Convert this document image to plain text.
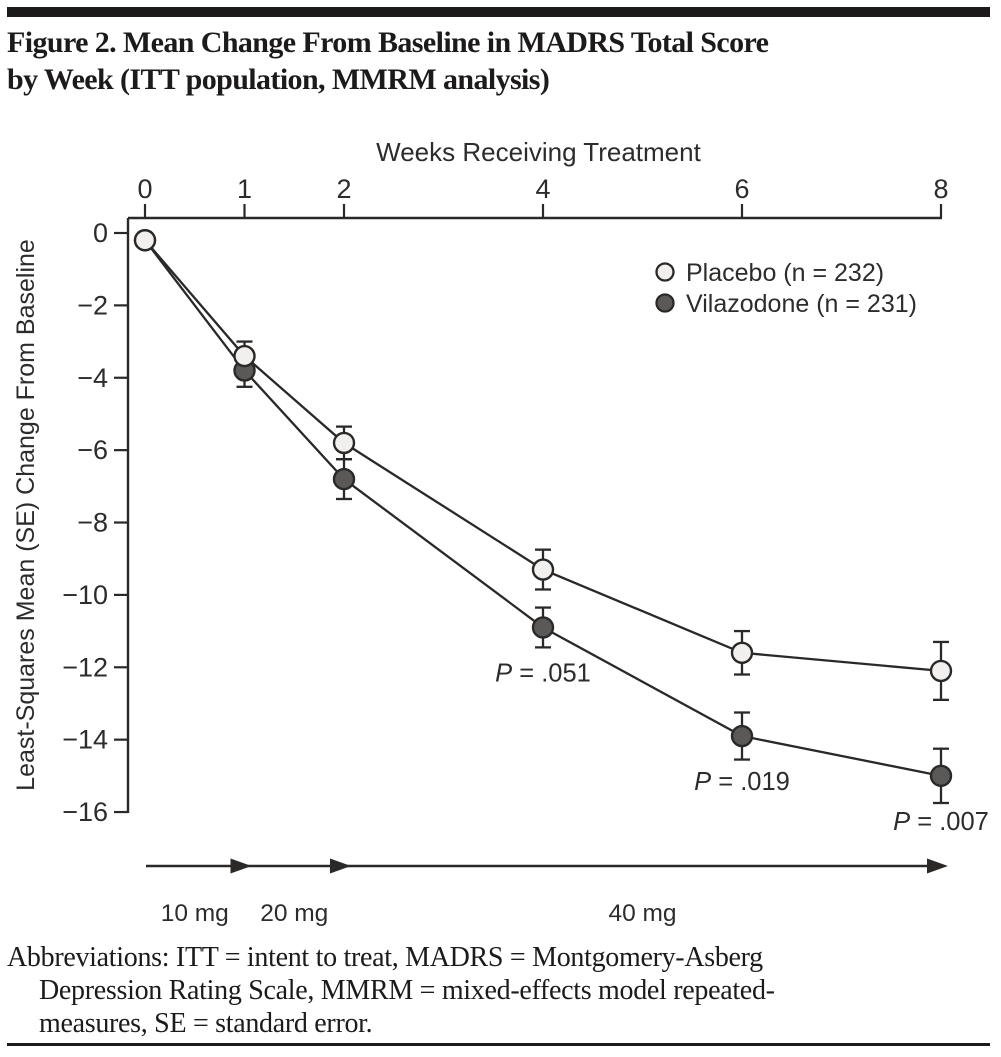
Figure 2. Mean Change From Baseline in MADRS Total Score
by Week (ITT population, MMRM analysis)
0	1	2	4	6	8
Weeks Receiving Treatment
0
−2
−4
−6
−8
−10
−12
−14
−16
Least-Squares Mean (SE) Change From Baseline	Placebo (n = 232)
Vilazodone (n = 231)
P = .051
P = .019
P = .007
10 mg 20 mg	40 mg
Abbreviations: ITT = intent to treat, MADRS = Montgomery-Asberg
Depression Rating Scale, MMRM = mixed-effects model repeated-
measures, SE = standard error.
